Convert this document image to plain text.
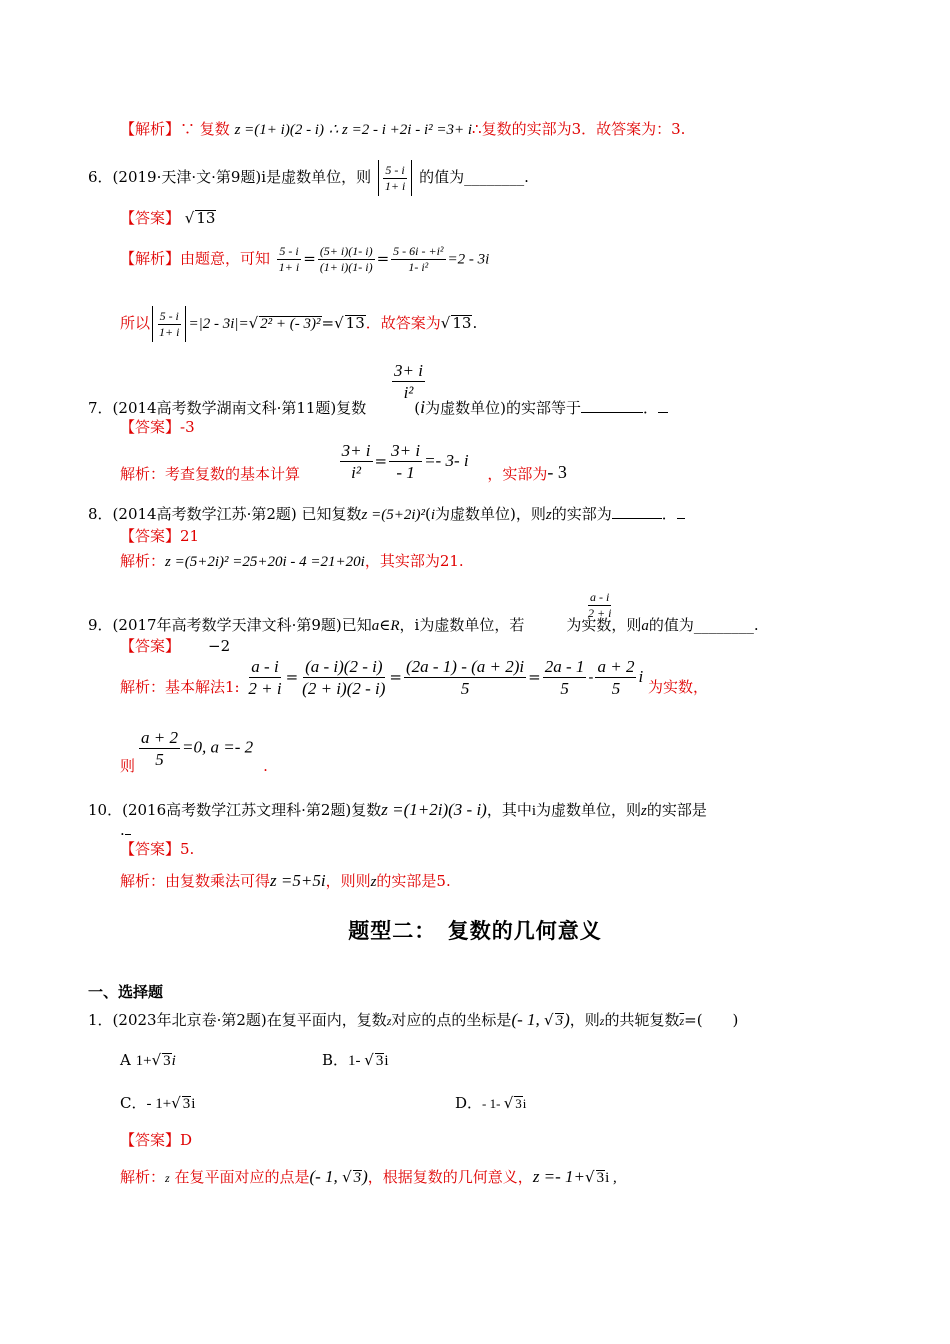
【解析】∵ 复数 z =(1+ i)(2 - i) ∴ z =2 - i +2i - i² =3+ i∴复数的实部为3．故答案为：3.
6．(2019·天津·文·第9题)i是虚数单位，则 $\frac{5 - i}{1+ i}$ 的值为________.
【答案】 √ 13
【解析】由题意，可知 $\frac{5 - i}{1+ i} = \frac{(5+ i)(1- i)}{(1+ i)(1- i)} = \frac{\text{5 - 6i - +i²}}{\text{1- i²}} =2 - 3i$
所以 $\frac{5 - i}{1+ i} =|2 - 3i|=√$ 2² + (- 3)²=√ 13．故答案为√ 13.
$\frac{3+ i}{\text{i²}}$
7．(2014高考数学湖南文科·第11题)复数	(i为虚数单位)的实部等于	．
【答案】-3
解析：考查复数的基本计算 $\frac{3+ i}{\text{i²}} = \frac{3+ i}{- 1} =- 3-$ i ，实部为- 3
8．(2014高考数学江苏·第2题) 已知复数z =(5+2i)²(i为虚数单位)，则z的实部为	．
【答案】21
解析：z =(5+2i)² =25+20i - 4 =21+20i，其实部为21.
$\frac{a - i}{2 + i}$
9．(2017年高考数学天津文科·第9题)已知a∈R，i为虚数单位，若	为实数，则a的值为________.
【答案】 −2
解析：基本解法1: $\frac{a - i}{2 + i} = \frac{(a - i)(2 - i)}{(2 + i)(2 - i)} = \frac{(2a - 1) - (a + 2)i}{5} = \frac{2a - 1}{5} - \frac{a + 2}{5}$ i 为实数，
则 $\frac{a + 2}{5} =0$, a =- 2.
10．(2016高考数学江苏文理科·第2题)复数z =(1+2i)(3 - i)，其中i为虚数单位，则z的实部是
.
【答案】5.
解析：由复数乘法可得z =5+5i，则则z的实部是5.
题型二：　复数的几何意义
一、选择题
1．(2023年北京卷·第2题)在复平面内，复数z对应的点的坐标是(- 1, √ 3)，则z的共轭复数$\overline{z}=$(　　)
A 1+√ 3i	B．1- √ 3i
C．- 1+√ 3i	D．- 1- √ 3i
【答案】D
解析：z 在复平面对应的点是(- 1, √ 3)，根据复数的几何意义，z =- 1+√ 3i ,
